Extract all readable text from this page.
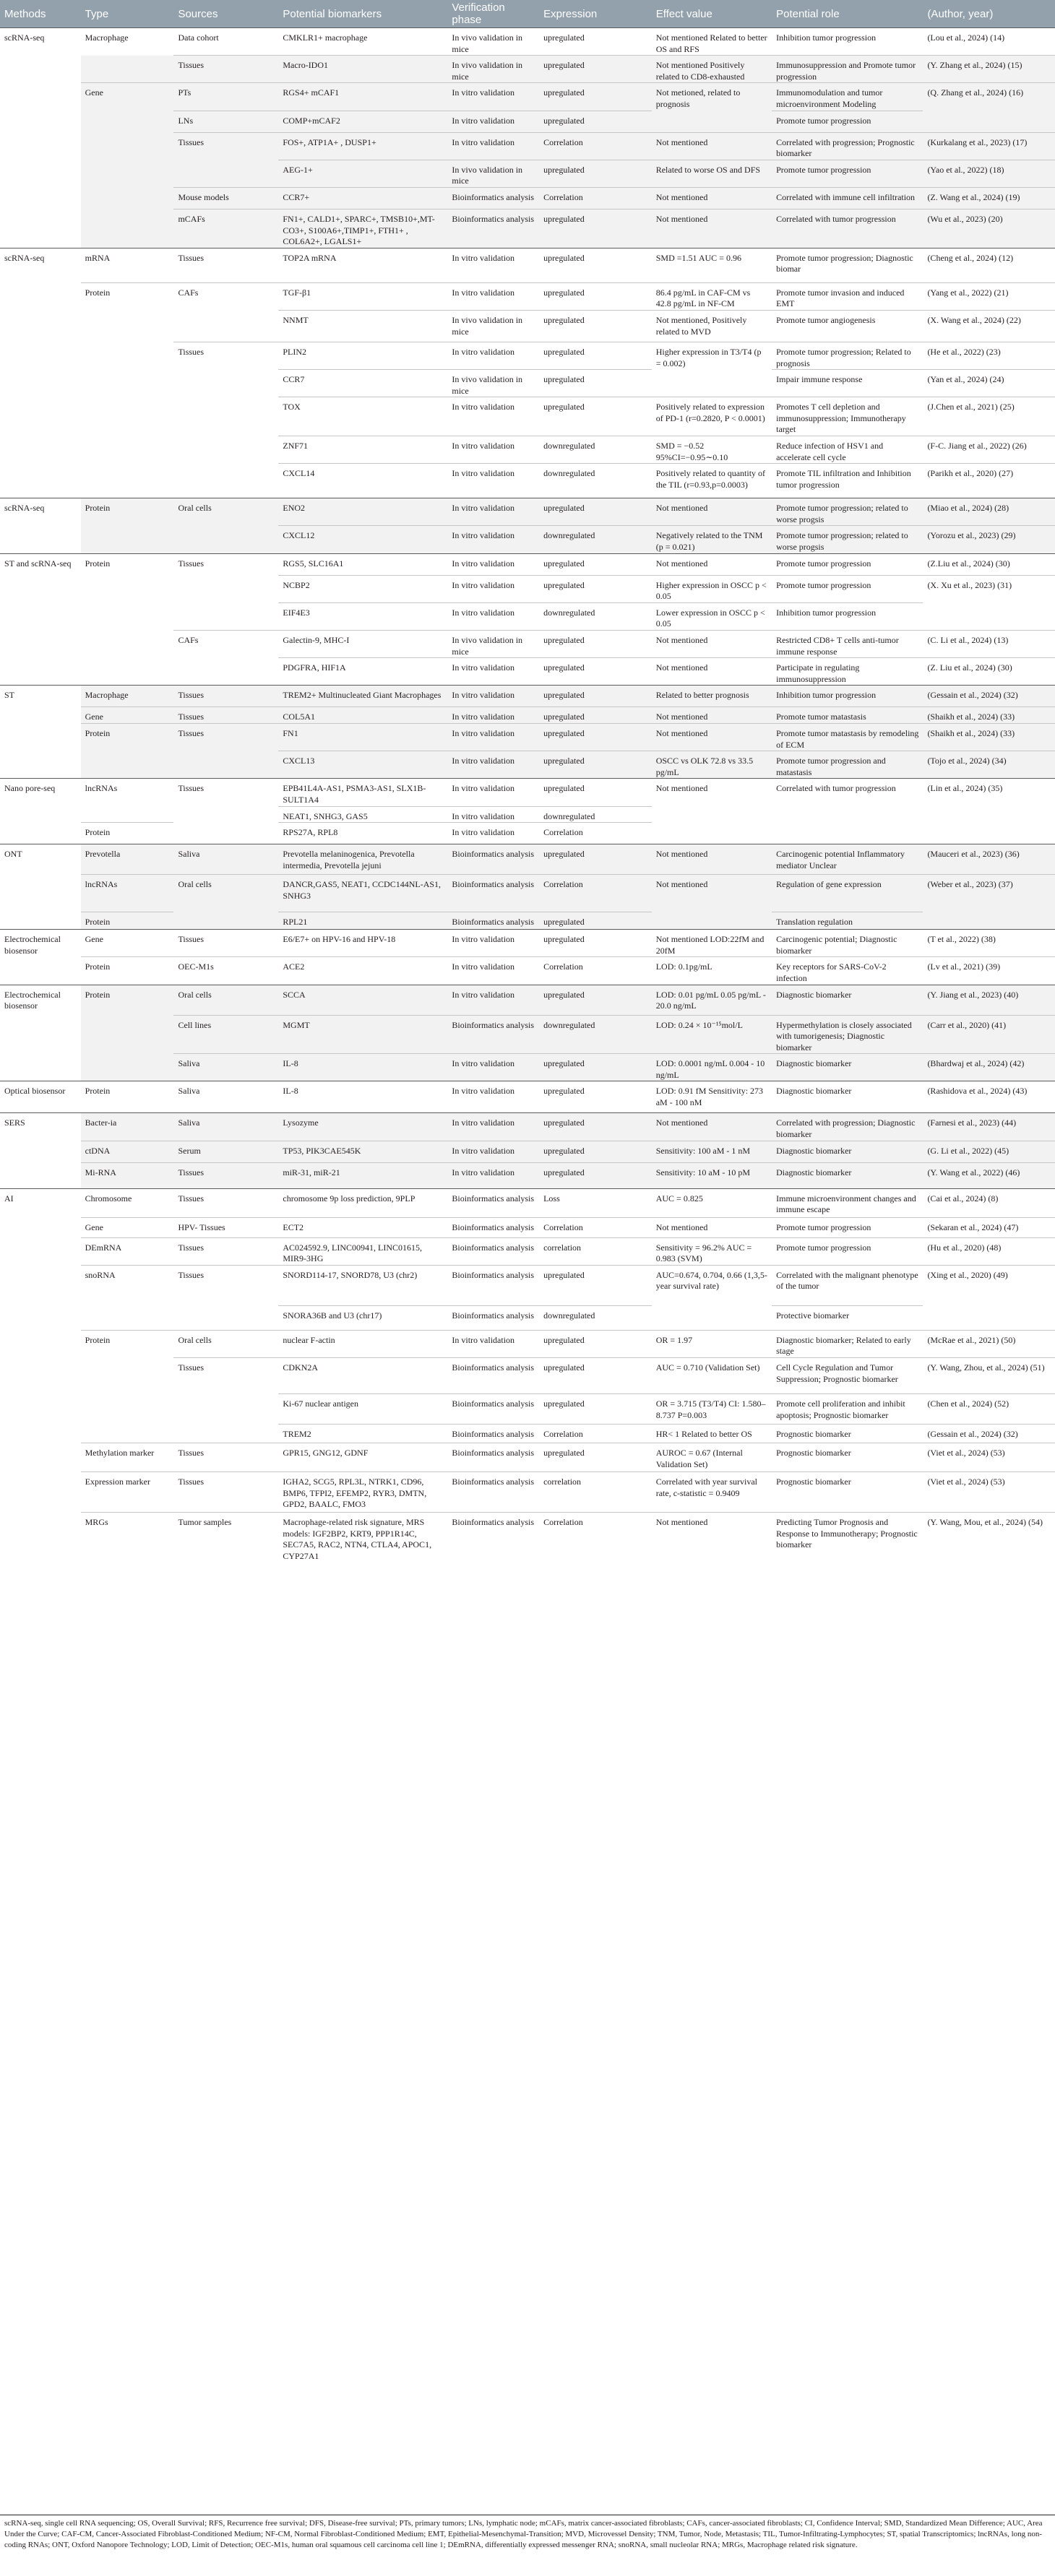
Methods	Type	Sources	Potential biomarkers	Verification phase	Expression	Effect value	Potential role	(Author, year)
scRNA-seq	Macrophage	Data cohort	CMKLR1+ macrophage	In vivo validation in mice	upregulated	Not mentioned Related to better OS and RFS	Inhibition tumor progression	(Lou et al., 2024) (14)
		Tissues	Macro-IDO1	In vivo validation in mice	upregulated	Not mentioned Positively related to CD8-exhausted	Immunosuppression and Promote tumor progression	(Y. Zhang et al., 2024) (15)
	Gene	PTs	RGS4+ mCAF1	In vitro validation	upregulated	Not metioned, related to prognosis	Immunomodulation and tumor microenvironment Modeling	(Q. Zhang et al., 2024) (16)
		LNs	COMP+mCAF2	In vitro validation	upregulated		Promote tumor progression	
		Tissues	FOS+, ATP1A+ , DUSP1+	In vitro validation	Correlation	Not mentioned	Correlated with progression; Prognostic biomarker	(Kurkalang et al., 2023) (17)
			AEG-1+	In vivo validation in mice	upregulated	Related to worse OS and DFS	Promote tumor progression	(Yao et al., 2022) (18)
		Mouse models	CCR7+	Bioinformatics analysis	Correlation	Not mentioned	Correlated with immune cell infiltration	(Z. Wang et al., 2024) (19)
		mCAFs	FN1+, CALD1+, SPARC+, TMSB10+,MT-CO3+, S100A6+,TIMP1+, FTH1+ , COL6A2+, LGALS1+	Bioinformatics analysis	upregulated	Not mentioned	Correlated with tumor progression	(Wu et al., 2023) (20)
scRNA-seq	mRNA	Tissues	TOP2A mRNA	In vitro validation	upregulated	SMD =1.51 AUC = 0.96	Promote tumor progression; Diagnostic biomar	(Cheng et al., 2024) (12)
	Protein	CAFs	TGF-β1	In vitro validation	upregulated	86.4 pg/mL in CAF-CM vs 42.8 pg/mL in NF-CM	Promote tumor invasion and induced EMT	(Yang et al., 2022) (21)
			NNMT	In vivo validation in mice	upregulated	Not mentioned, Positively related to MVD	Promote tumor angiogenesis	(X. Wang et al., 2024) (22)
		Tissues	PLIN2	In vitro validation	upregulated	Higher expression in T3/T4 (p = 0.002)	Promote tumor progression; Related to prognosis	(He et al., 2022) (23)
			CCR7	In vivo validation in mice	upregulated		Impair immune response	(Yan et al., 2024) (24)
			TOX	In vitro validation	upregulated	Positively related to expression of PD-1 (r=0.2820, P < 0.0001)	Promotes T cell depletion and immunosuppression; Immunotherapy target	(J.Chen et al., 2021) (25)
			ZNF71	In vitro validation	downregulated	SMD = −0.52 95%CI=−0.95∼0.10	Reduce infection of HSV1 and accelerate cell cycle	(F-C. Jiang et al., 2022) (26)
			CXCL14	In vitro validation	downregulated	Positively related to quantity of the TIL (r=0.93,p=0.0003)	Promote TIL infiltration and Inhibition tumor progression	(Parikh et al., 2020) (27)
scRNA-seq	Protein	Oral cells	ENO2	In vitro validation	upregulated	Not mentioned	Promote tumor progression; related to worse progsis	(Miao et al., 2024) (28)
			CXCL12	In vitro validation	downregulated	Negatively related to the TNM (p = 0.021)	Promote tumor progression; related to worse progsis	(Yorozu et al., 2023) (29)
ST and scRNA-seq	Protein	Tissues	RGS5, SLC16A1	In vitro validation	upregulated	Not mentioned	Promote tumor progression	(Z.Liu et al., 2024) (30)
			NCBP2	In vitro validation	upregulated	Higher expression in OSCC p < 0.05	Promote tumor progression	(X. Xu et al., 2023) (31)
			EIF4E3	In vitro validation	downregulated	Lower expression in OSCC p < 0.05	Inhibition tumor progression	
		CAFs	Galectin-9, MHC-I	In vivo validation in mice	upregulated	Not mentioned	Restricted CD8+ T cells anti-tumor immune response	(C. Li et al., 2024) (13)
			PDGFRA, HIF1A	In vitro validation	upregulated	Not mentioned	Participate in regulating immunosuppression	(Z. Liu et al., 2024) (30)
ST	Macrophage	Tissues	TREM2+ Multinucleated Giant Macrophages	In vitro validation	upregulated	Related to better prognosis	Inhibition tumor progression	(Gessain et al., 2024) (32)
	Gene	Tissues	COL5A1	In vitro validation	upregulated	Not mentioned	Promote tumor matastasis	(Shaikh et al., 2024) (33)
	Protein	Tissues	FN1	In vitro validation	upregulated	Not mentioned	Promote tumor matastasis by remodeling of ECM	(Shaikh et al., 2024) (33)
			CXCL13	In vitro validation	upregulated	OSCC vs OLK 72.8 vs 33.5 pg/mL	Promote tumor progression and matastasis	(Tojo et al., 2024) (34)
Nano pore-seq	lncRNAs	Tissues	EPB41L4A-AS1, PSMA3-AS1, SLX1B-SULT1A4	In vitro validation	upregulated	Not mentioned	Correlated with tumor progression	(Lin et al., 2024) (35)
			NEAT1, SNHG3, GAS5	In vitro validation	downregulated			
	Protein		RPS27A, RPL8	In vitro validation	Correlation			
ONT	Prevotella	Saliva	Prevotella melaninogenica, Prevotella intermedia, Prevotella jejuni	Bioinformatics analysis	upregulated	Not mentioned	Carcinogenic potential Inflammatory mediator Unclear	(Mauceri et al., 2023) (36)
	lncRNAs	Oral cells	DANCR,GAS5, NEAT1, CCDC144NL-AS1, SNHG3	Bioinformatics analysis	Correlation	Not mentioned	Regulation of gene expression	(Weber et al., 2023) (37)
	Protein		RPL21	Bioinformatics analysis	upregulated		Translation regulation	
Electrochemical biosensor	Gene	Tissues	E6/E7+ on HPV-16 and HPV-18	In vitro validation	upregulated	Not mentioned LOD:22fM and 20fM	Carcinogenic potential; Diagnostic biomarker	(T et al., 2022) (38)
	Protein	OEC-M1s	ACE2	In vitro validation	Correlation	LOD: 0.1pg/mL	Key receptors for SARS-CoV-2 infection	(Lv et al., 2021) (39)
Electrochemical biosensor	Protein	Oral cells	SCCA	In vitro validation	upregulated	LOD: 0.01 pg/mL 0.05 pg/mL - 20.0 ng/mL	Diagnostic biomarker	(Y. Jiang et al., 2023) (40)
		Cell lines	MGMT	Bioinformatics analysis	downregulated	LOD: 0.24 × 10⁻¹⁵mol/L	Hypermethylation is closely associated with tumorigenesis; Diagnostic biomarker	(Carr et al., 2020) (41)
		Saliva	IL-8	In vitro validation	upregulated	LOD: 0.0001 ng/mL 0.004 - 10 ng/mL	Diagnostic biomarker	(Bhardwaj et al., 2024) (42)
Optical biosensor	Protein	Saliva	IL-8	In vitro validation	upregulated	LOD: 0.91 fM Sensitivity: 273 aM - 100 nM	Diagnostic biomarker	(Rashidova et al., 2024) (43)
SERS	Bacter-ia	Saliva	Lysozyme	In vitro validation	upregulated	Not mentioned	Correlated with progression; Diagnostic biomarker	(Farnesi et al., 2023) (44)
	ctDNA	Serum	TP53, PIK3CAE545K	In vitro validation	upregulated	Sensitivity: 100 aM - 1 nM	Diagnostic biomarker	(G. Li et al., 2022) (45)
	Mi-RNA	Tissues	miR-31, miR-21	In vitro validation	upregulated	Sensitivity: 10 aM - 10 pM	Diagnostic biomarker	(Y. Wang et al., 2022) (46)
AI	Chromosome	Tissues	chromosome 9p loss prediction, 9PLP	Bioinformatics analysis	Loss	AUC = 0.825	Immune microenvironment changes and immune escape	(Cai et al., 2024) (8)
	Gene	HPV- Tissues	ECT2	Bioinformatics analysis	Correlation	Not mentioned	Promote tumor progression	(Sekaran et al., 2024) (47)
	DEmRNA	Tissues	AC024592.9, LINC00941, LINC01615, MIR9-3HG	Bioinformatics analysis	correlation	Sensitivity = 96.2% AUC = 0.983 (SVM)	Promote tumor progression	(Hu et al., 2020) (48)
	snoRNA	Tissues	SNORD114-17, SNORD78, U3 (chr2)	Bioinformatics analysis	upregulated	AUC=0.674, 0.704, 0.66 (1,3,5-year survival rate)	Correlated with the malignant phenotype of the tumor	(Xing et al., 2020) (49)
			SNORA36B and U3 (chr17)	Bioinformatics analysis	downregulated		Protective biomarker	
	Protein	Oral cells	nuclear F-actin	In vitro validation	upregulated	OR = 1.97	Diagnostic biomarker; Related to early stage	(McRae et al., 2021) (50)
		Tissues	CDKN2A	Bioinformatics analysis	upregulated	AUC = 0.710 (Validation Set)	Cell Cycle Regulation and Tumor Suppression; Prognostic biomarker	(Y. Wang, Zhou, et al., 2024) (51)
			Ki-67 nuclear antigen	Bioinformatics analysis	upregulated	OR = 3.715 (T3/T4) CI: 1.580–8.737 P=0.003	Promote cell proliferation and inhibit apoptosis; Prognostic biomarker	(Chen et al., 2024) (52)
			TREM2	Bioinformatics analysis	Correlation	HR< 1 Related to better OS	Prognostic biomarker	(Gessain et al., 2024) (32)
	Methylation marker	Tissues	GPR15, GNG12, GDNF	Bioinformatics analysis	upregulated	AUROC = 0.67 (Internal Validation Set)	Prognostic biomarker	(Viet et al., 2024) (53)
	Expression marker	Tissues	IGHA2, SCG5, RPL3L, NTRK1, CD96, BMP6, TFPI2, EFEMP2, RYR3, DMTN, GPD2, BAALC, FMO3	Bioinformatics analysis	correlation	Correlated with year survival rate, c-statistic = 0.9409	Prognostic biomarker	(Viet et al., 2024) (53)
	MRGs	Tumor samples	Macrophage-related risk signature, MRS models: IGF2BP2, KRT9, PPP1R14C, SEC7A5, RAC2, NTN4, CTLA4, APOC1, CYP27A1	Bioinformatics analysis	Correlation	Not mentioned	Predicting Tumor Prognosis and Response to Immunotherapy; Prognostic biomarker	(Y. Wang, Mou, et al., 2024) (54)
scRNA-seq, single cell RNA sequencing; OS, Overall Survival; RFS, Recurrence free survival; DFS, Disease-free survival; PTs, primary tumors; LNs, lymphatic node; mCAFs, matrix cancer-associated fibroblasts; CAFs, cancer-associated fibroblasts; CI, Confidence Interval; SMD, Standardized Mean Difference; AUC, Area Under the Curve; CAF-CM, Cancer-Associated Fibroblast-Conditioned Medium; NF-CM, Normal Fibroblast-Conditioned Medium; EMT, Epithelial-Mesenchymal-Transition; MVD, Microvessel Density; TNM, Tumor, Node, Metastasis; TIL, Tumor-Infiltrating-Lymphocytes; ST, spatial Transcriptomics; lncRNAs, long non-coding RNAs; ONT, Oxford Nanopore Technology; LOD, Limit of Detection; OEC-M1s, human oral squamous cell carcinoma cell line 1; DEmRNA, differentially expressed messenger RNA; snoRNA, small nucleolar RNA; MRGs, Macrophage related risk signature.
